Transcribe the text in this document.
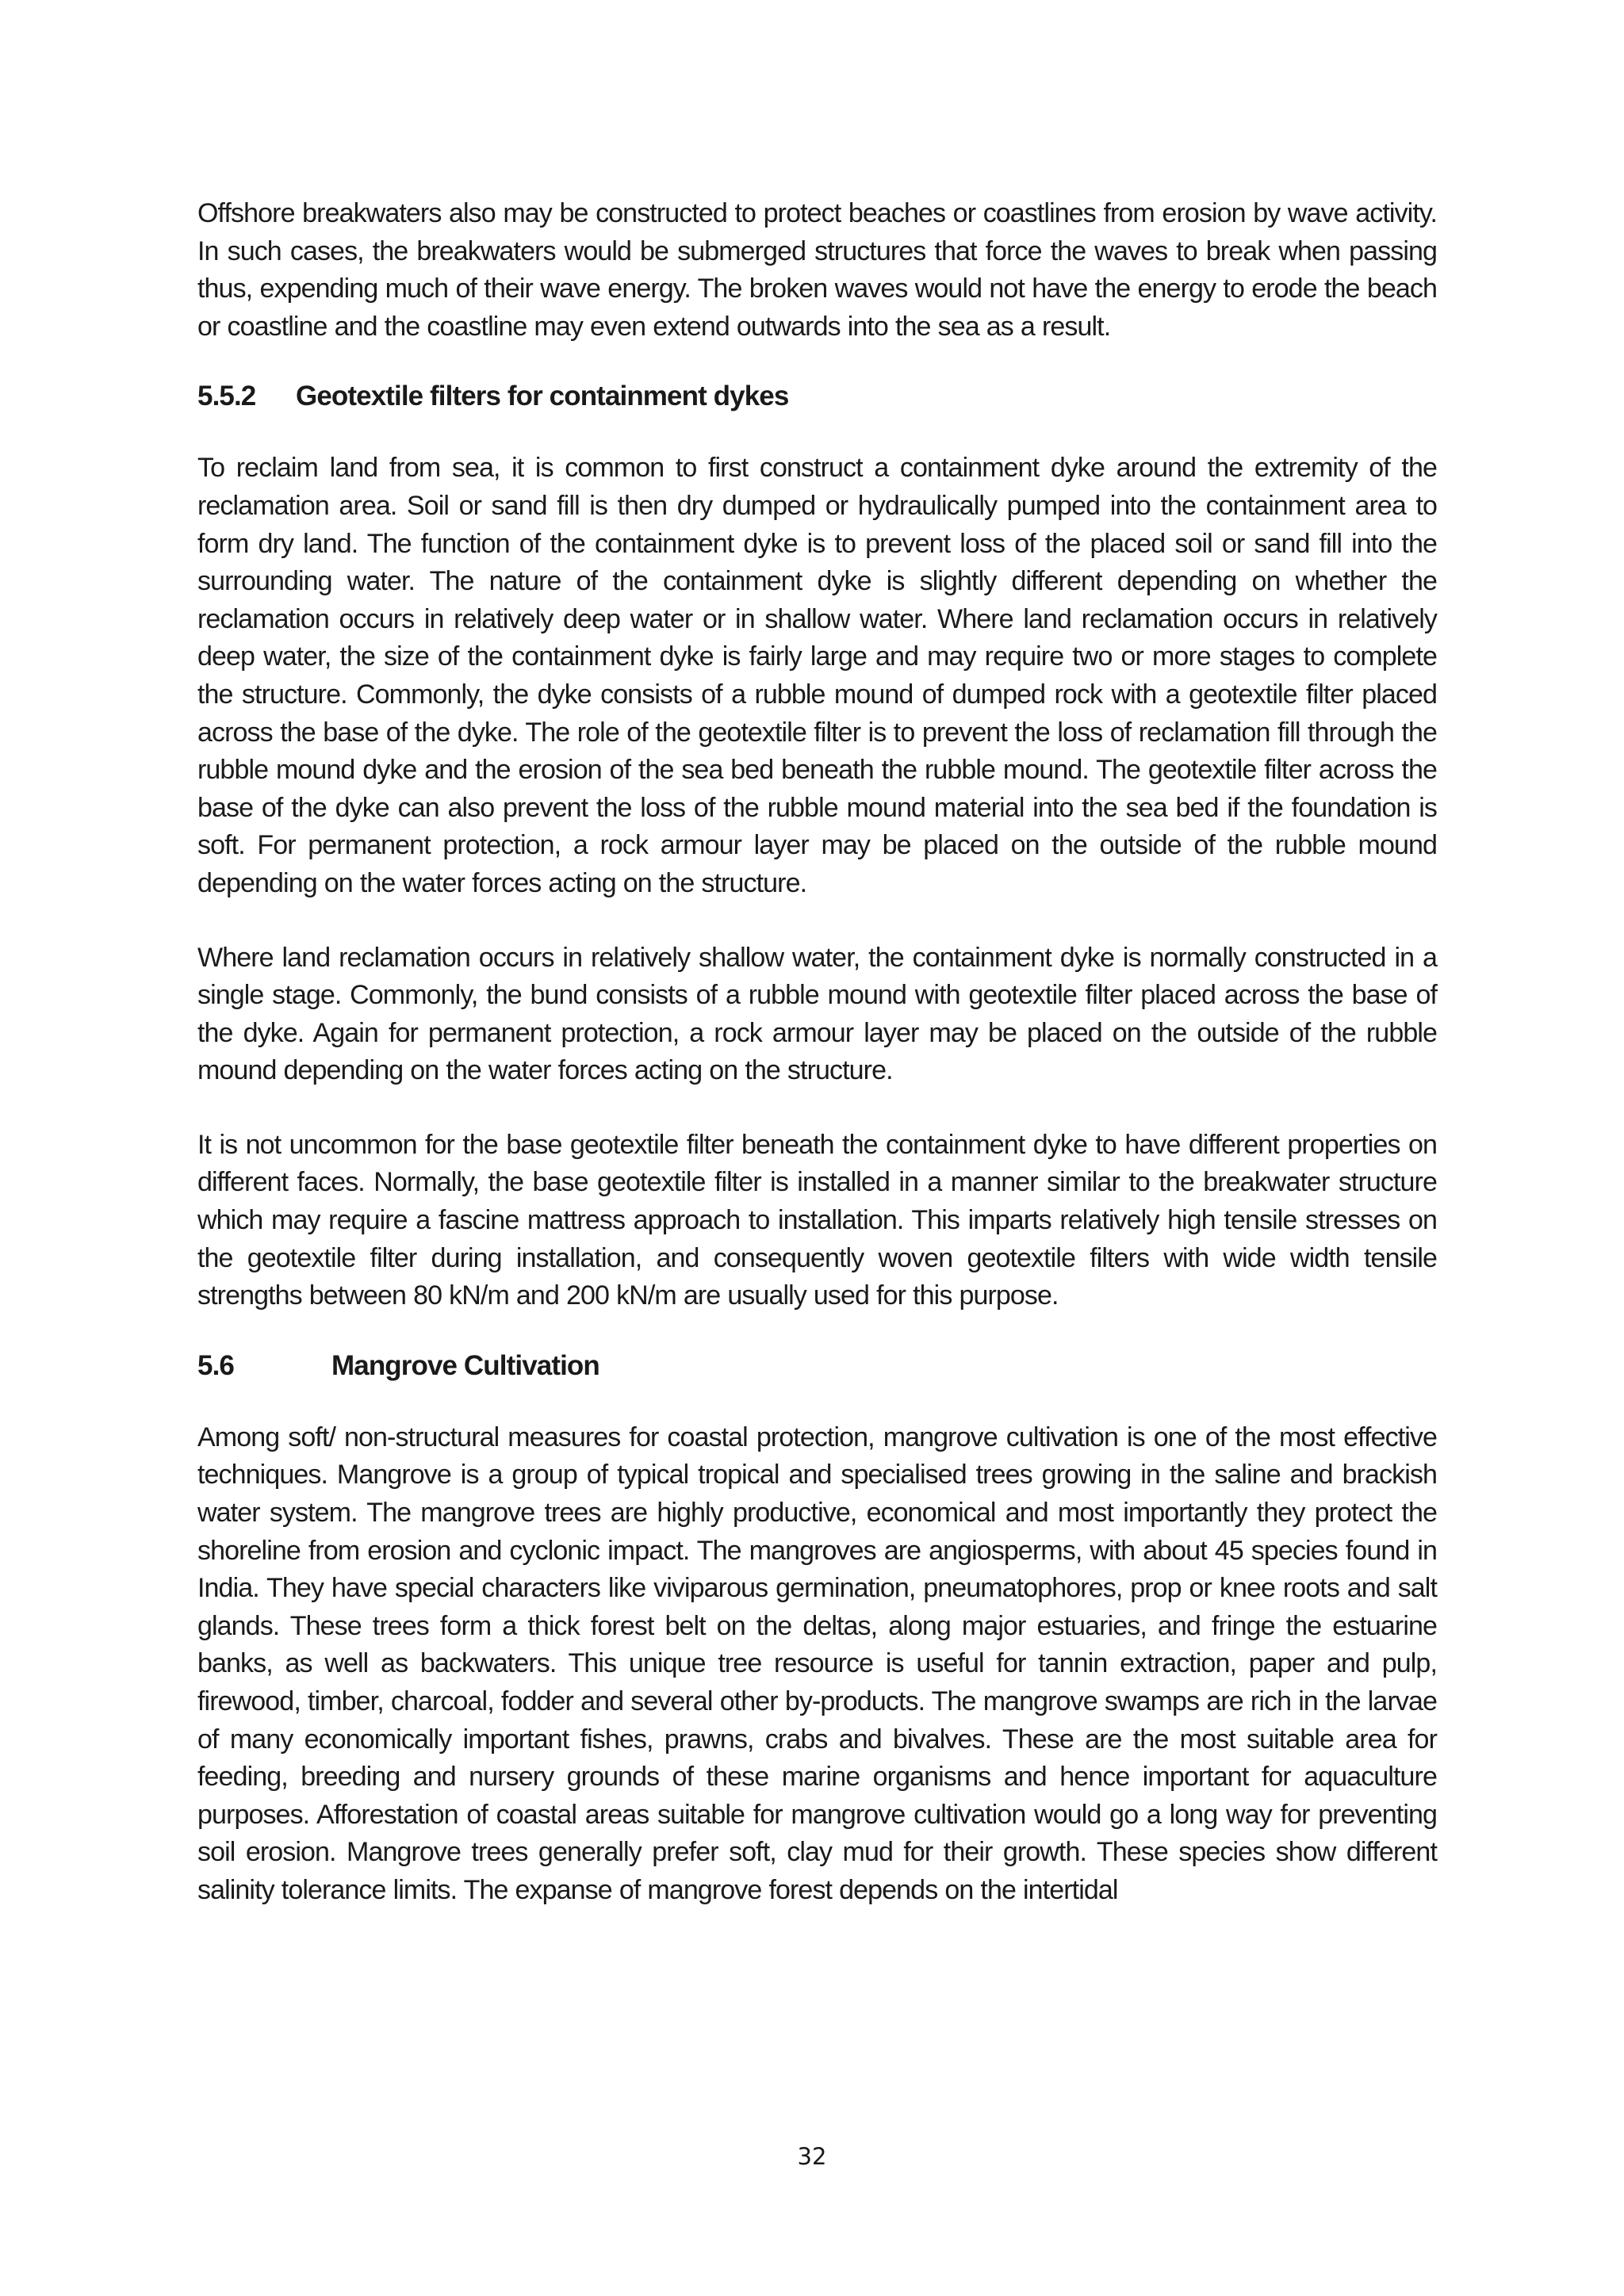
Offshore breakwaters also may be constructed to protect beaches or coastlines from erosion by wave activity. In such cases, the breakwaters would be submerged structures that force the waves to break when passing thus, expending much of their wave energy. The broken waves would not have the energy to erode the beach or coastline and the coastline may even extend outwards into the sea as a result.

5.5.2 Geotextile filters for containment dykes

To reclaim land from sea, it is common to first construct a containment dyke around the extremity of the reclamation area. Soil or sand fill is then dry dumped or hydraulically pumped into the containment area to form dry land. The function of the containment dyke is to prevent loss of the placed soil or sand fill into the surrounding water. The nature of the containment dyke is slightly different depending on whether the reclamation occurs in relatively deep water or in shallow water. Where land reclamation occurs in relatively deep water, the size of the containment dyke is fairly large and may require two or more stages to complete the structure. Commonly, the dyke consists of a rubble mound of dumped rock with a geotextile filter placed across the base of the dyke. The role of the geotextile filter is to prevent the loss of reclamation fill through the rubble mound dyke and the erosion of the sea bed beneath the rubble mound. The geotextile filter across the base of the dyke can also prevent the loss of the rubble mound material into the sea bed if the foundation is soft. For permanent protection, a rock armour layer may be placed on the outside of the rubble mound depending on the water forces acting on the structure.

Where land reclamation occurs in relatively shallow water, the containment dyke is normally constructed in a single stage. Commonly, the bund consists of a rubble mound with geotextile filter placed across the base of the dyke. Again for permanent protection, a rock armour layer may be placed on the outside of the rubble mound depending on the water forces acting on the structure.

It is not uncommon for the base geotextile filter beneath the containment dyke to have different properties on different faces. Normally, the base geotextile filter is installed in a manner similar to the breakwater structure which may require a fascine mattress approach to installation. This imparts relatively high tensile stresses on the geotextile filter during installation, and consequently woven geotextile filters with wide width tensile strengths between 80 kN/m and 200 kN/m are usually used for this purpose.

5.6	Mangrove Cultivation

Among soft/ non-structural measures for coastal protection, mangrove cultivation is one of the most effective techniques. Mangrove is a group of typical tropical and specialised trees growing in the saline and brackish water system. The mangrove trees are highly productive, economical and most importantly they protect the shoreline from erosion and cyclonic impact. The mangroves are angiosperms, with about 45 species found in India. They have special characters like viviparous germination, pneumatophores, prop or knee roots and salt glands. These trees form a thick forest belt on the deltas, along major estuaries, and fringe the estuarine banks, as well as backwaters. This unique tree resource is useful for tannin extraction, paper and pulp, firewood, timber, charcoal, fodder and several other by-products. The mangrove swamps are rich in the larvae of many economically important fishes, prawns, crabs and bivalves. These are the most suitable area for feeding, breeding and nursery grounds of these marine organisms and hence important for aquaculture purposes. Afforestation of coastal areas suitable for mangrove cultivation would go a long way for preventing soil erosion. Mangrove trees generally prefer soft, clay mud for their growth. These species show different salinity tolerance limits. The expanse of mangrove forest depends on the intertidal

32
